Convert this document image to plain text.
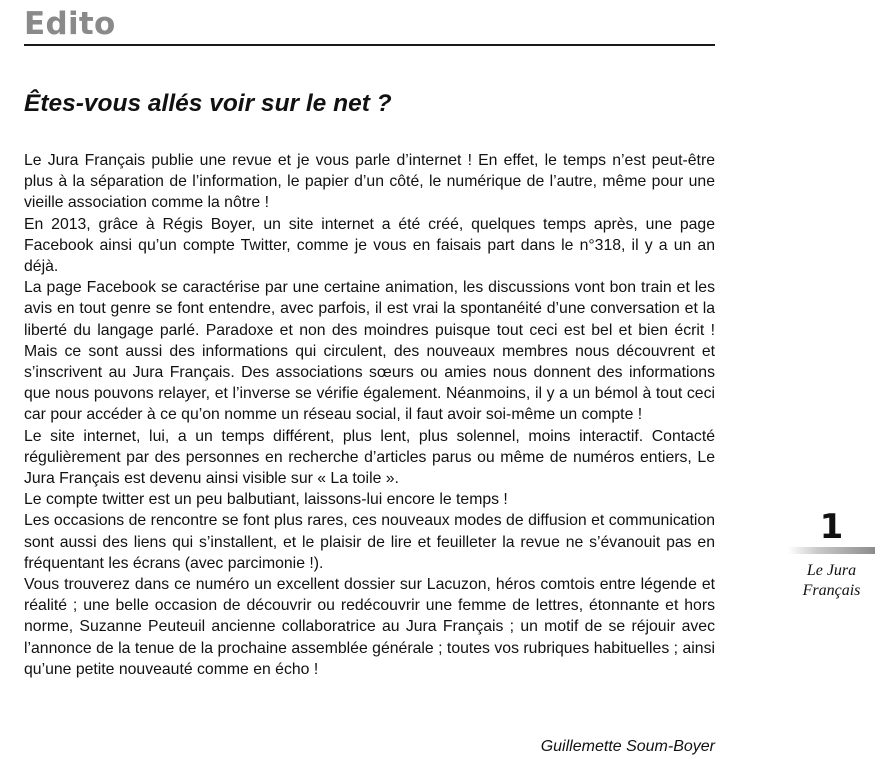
Edito
Êtes-vous allés voir sur le net ?

Le Jura Français publie une revue et je vous parle d’internet ! En effet, le temps n’est peut-être plus à la séparation de l’information, le papier d’un côté, le numérique de l’autre, même pour une vieille association comme la nôtre !

En 2013, grâce à Régis Boyer, un site internet a été créé, quelques temps après, une page Facebook ainsi qu’un compte Twitter, comme je vous en faisais part dans le n°318, il y a un an déjà.

La page Facebook se caractérise par une certaine animation, les discussions vont bon train et les avis en tout genre se font entendre, avec parfois, il est vrai la spontanéité d’une conversation et la liberté du langage parlé. Paradoxe et non des moindres puisque tout ceci est bel et bien écrit ! Mais ce sont aussi des informations qui circulent, des nouveaux membres nous découvrent et s’inscrivent au Jura Français. Des associations sœurs ou amies nous donnent des informations que nous pouvons relayer, et l’inverse se vérifie également. Néanmoins, il y a un bémol à tout ceci car pour accéder à ce qu’on nomme un réseau social, il faut avoir soi-même un compte !

Le site internet, lui, a un temps différent, plus lent, plus solennel, moins interactif. Contacté régulièrement par des personnes en recherche d’articles parus ou même de numéros entiers, Le Jura Français est devenu ainsi visible sur « La toile ».

Le compte twitter est un peu balbutiant, laissons-lui encore le temps !

Les occasions de rencontre se font plus rares, ces nouveaux modes de diffusion et communication sont aussi des liens qui s’installent, et le plaisir de lire et feuilleter la revue ne s’évanouit pas en fréquentant les écrans (avec parcimonie !).

Vous trouverez dans ce numéro un excellent dossier sur Lacuzon, héros comtois entre légende et réalité ; une belle occasion de découvrir ou redécouvrir une femme de lettres, étonnante et hors norme, Suzanne Peuteuil ancienne collaboratrice au Jura Français ; un motif de se réjouir avec l’annonce de la tenue de la prochaine assemblée générale ; toutes vos rubriques habituelles ; ainsi qu’une petite nouveauté comme en écho !

Guillemette Soum-Boyer
1
Le Jura
Français
